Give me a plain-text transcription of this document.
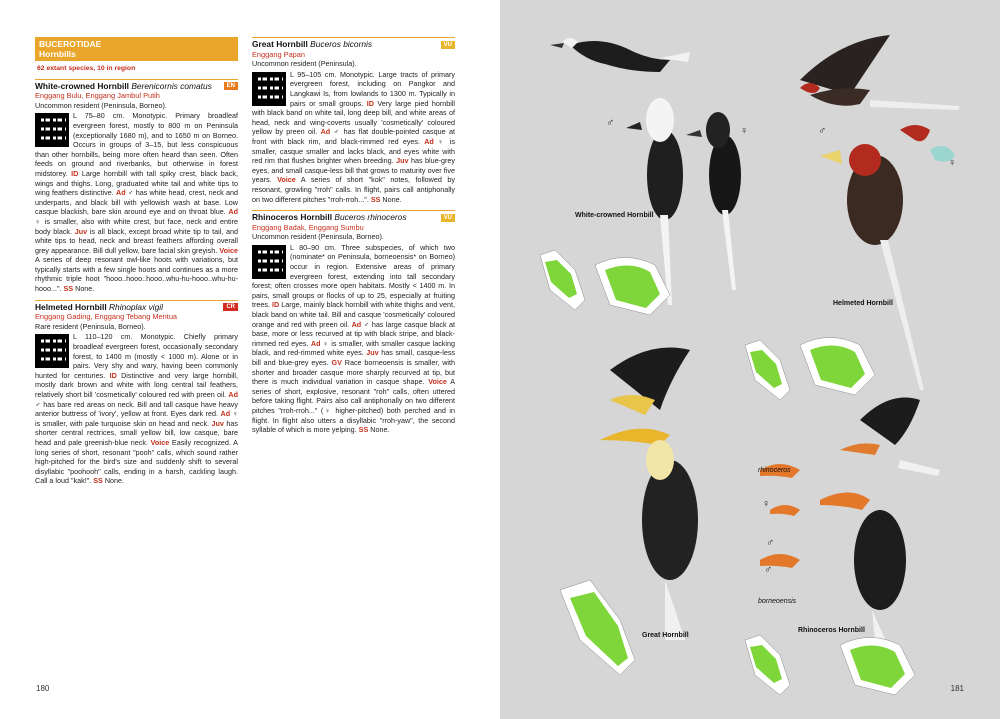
BUCEROTIDAE
Hornbills
62 extant species, 10 in region
White-crowned Hornbill Berenicornis comatus	EN
Enggang Bulu, Enggang Jambul Putih
Uncommon resident (Peninsula, Borneo).
L 75–80 cm. Monotypic. Primary broadleaf evergreen forest, mostly to 800 m on Peninsula (exceptionally 1680 m), and to 1650 m on Borneo. Occurs in groups of 3–15, but less conspicuous than other hornbills, being more often heard than seen. Often feeds on ground and riverbanks, but otherwise in forest midstorey. ID Large hornbill with tall spiky crest, black back, wings and thighs. Long, graduated white tail and white tips to wing feathers distinctive. Ad ♂ has white head, crest, neck and underparts, and black bill with yellowish wash at base. Low casque blackish, bare skin around eye and on throat blue. Ad ♀ is smaller, also with white crest, but face, neck and entire body black. Juv is all black, except broad white tip to tail, and white tips to head, neck and breast feathers affording overall grey appearance. Bill dull yellow, bare facial skin greyish. Voice A series of deep resonant owl-like hoots with variations, but typically starts with a few single hoots and continues as a more rhythmic triple hoot "hooo..hooo..hooo..whu-hu-hooo..whu-hu-hooo...". SS None.
Helmeted Hornbill Rhinoplax vigil	CR
Enggang Gading, Enggang Tebang Mentua
Rare resident (Peninsula, Borneo).
L 110–120 cm. Monotypic. Chiefly primary broadleaf evergreen forest, occasionally secondary forest, to 1400 m (mostly < 1000 m). Alone or in pairs. Very shy and wary, having been commonly hunted for centuries. ID Distinctive and very large hornbill, mostly dark brown and white with long central tail feathers, relatively short bill 'cosmetically' coloured red with preen oil. Ad ♂ has bare red areas on neck. Bill and tall casque have heavy anterior buttress of 'ivory', yellow at front. Eyes dark red. Ad ♀ is smaller, with pale turquoise skin on head and neck. Juv has shorter central rectrices, small yellow bill, low casque, bare head and pale greenish-blue neck. Voice Easily recognized. A long series of short, resonant "pooh" calls, which sound rather high-pitched for the bird's size and suddenly shift to several disyllabic "poohooh" calls, ending in a harsh, cackling laugh. Call a loud "kak!". SS None.
Great Hornbill Buceros bicornis	VU
Enggang Papan
Uncommon resident (Peninsula).
L 95–105 cm. Monotypic. Large tracts of primary evergreen forest, including on Pangkor and Langkawi Is, from lowlands to 1300 m. Typically in pairs or small groups. ID Very large pied hornbill with black band on white tail, long deep bill, and white areas of head, neck and wing-coverts usually 'cosmetically' coloured yellow by preen oil. Ad ♂ has flat double-pointed casque at front with black rim, and black-rimmed red eyes. Ad ♀ is smaller, casque smaller and lacks black, and eyes white with red rim that flushes brighter when breeding. Juv has blue-grey eyes, and small casque-less bill that grows to maturity over five years. Voice A series of short "kok" notes, followed by resonant, growling "rroh" calls. In flight, pairs call antiphonally on two different pitches "rroh-rroh...". SS None.
Rhinoceros Hornbill Buceros rhinoceros	VU
Enggang Badak, Enggang Sumbu
Uncommon resident (Peninsula, Borneo).
L 80–90 cm. Three subspecies, of which two (nominate* on Peninsula, borneoensis* on Borneo) occur in region. Extensive areas of primary evergreen forest, extending into tall secondary forest; often crosses more open habitats. Mostly < 1400 m. In pairs, small groups or flocks of up to 25, especially at fruiting trees. ID Large, mainly black hornbill with white thighs and vent, black band on white tail. Bill and casque 'cosmetically' coloured orange and red with preen oil. Ad ♂ has large casque black at base, more or less recurved at tip with black stripe, and black-rimmed red eyes. Ad ♀ is smaller, with smaller casque lacking black, and red-rimmed white eyes. Juv has small, casque-less bill and blue-grey eyes. GV Race borneoensis is smaller, with shorter and broader casque more sharply recurved at tip, but there is much individual variation in casque shape. Voice A series of short, explosive, resonant "roh" calls, often uttered before taking flight. Pairs also call antiphonally on two different pitches "rroh-rroh..." (♀ higher-pitched) both perched and in flight. In flight also utters a disyllabic "rroh-yaw", the second syllable of which is more yelping. SS None.
180
White-crowned Hornbill
Helmeted Hornbill
rhinoceros
borneoensis
Great Hornbill
Rhinoceros Hornbill
♂
♀	♂
♀
♀
♂
♂
181
